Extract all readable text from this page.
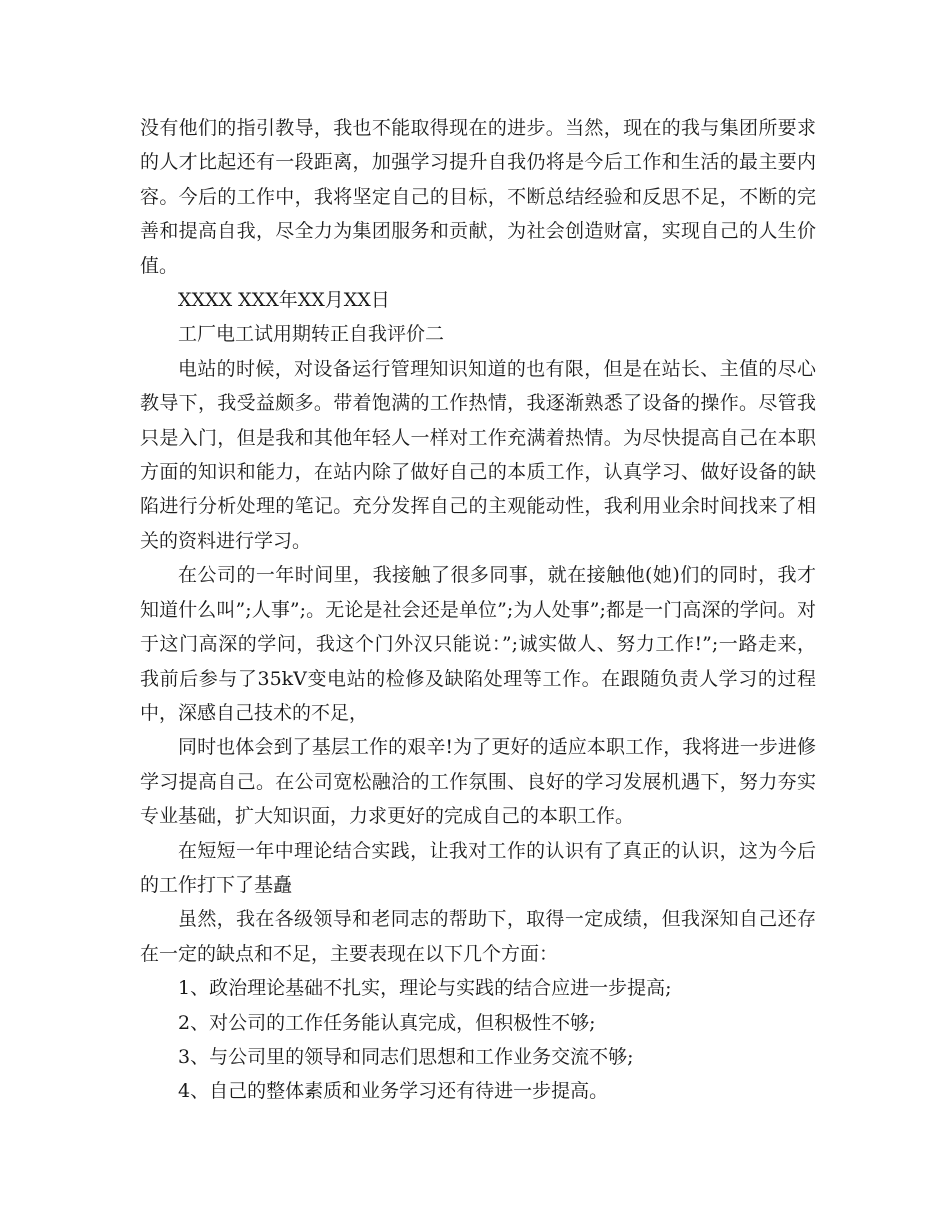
没有他们的指引教导，我也不能取得现在的进步。当然，现在的我与集团所要求的人才比起还有一段距离，加强学习提升自我仍将是今后工作和生活的最主要内容。今后的工作中，我将坚定自己的目标，不断总结经验和反思不足，不断的完善和提高自我，尽全力为集团服务和贡献，为社会创造财富，实现自己的人生价值。

XXXX XXX年XX月XX日

工厂电工试用期转正自我评价二

电站的时候，对设备运行管理知识知道的也有限，但是在站长、主值的尽心教导下，我受益颇多。带着饱满的工作热情，我逐渐熟悉了设备的操作。尽管我只是入门，但是我和其他年轻人一样对工作充满着热情。为尽快提高自己在本职方面的知识和能力，在站内除了做好自己的本质工作，认真学习、做好设备的缺陷进行分析处理的笔记。充分发挥自己的主观能动性，我利用业余时间找来了相关的资料进行学习。

在公司的一年时间里，我接触了很多同事，就在接触他(她)们的同时，我才知道什么叫”;人事”;。无论是社会还是单位”;为人处事”;都是一门高深的学问。对于这门高深的学问，我这个门外汉只能说：”;诚实做人、努力工作!”;一路走来，我前后参与了35kV变电站的检修及缺陷处理等工作。在跟随负责人学习的过程中，深感自己技术的不足，

同时也体会到了基层工作的艰辛!为了更好的适应本职工作，我将进一步进修学习提高自己。在公司宽松融洽的工作氛围、良好的学习发展机遇下，努力夯实专业基础，扩大知识面，力求更好的完成自己的本职工作。

在短短一年中理论结合实践，让我对工作的认识有了真正的认识，这为今后的工作打下了基矗

虽然，我在各级领导和老同志的帮助下，取得一定成绩，但我深知自己还存在一定的缺点和不足，主要表现在以下几个方面：

1、政治理论基础不扎实，理论与实践的结合应进一步提高;

2、对公司的工作任务能认真完成，但积极性不够;

3、与公司里的领导和同志们思想和工作业务交流不够;

4、自己的整体素质和业务学习还有待进一步提高。
